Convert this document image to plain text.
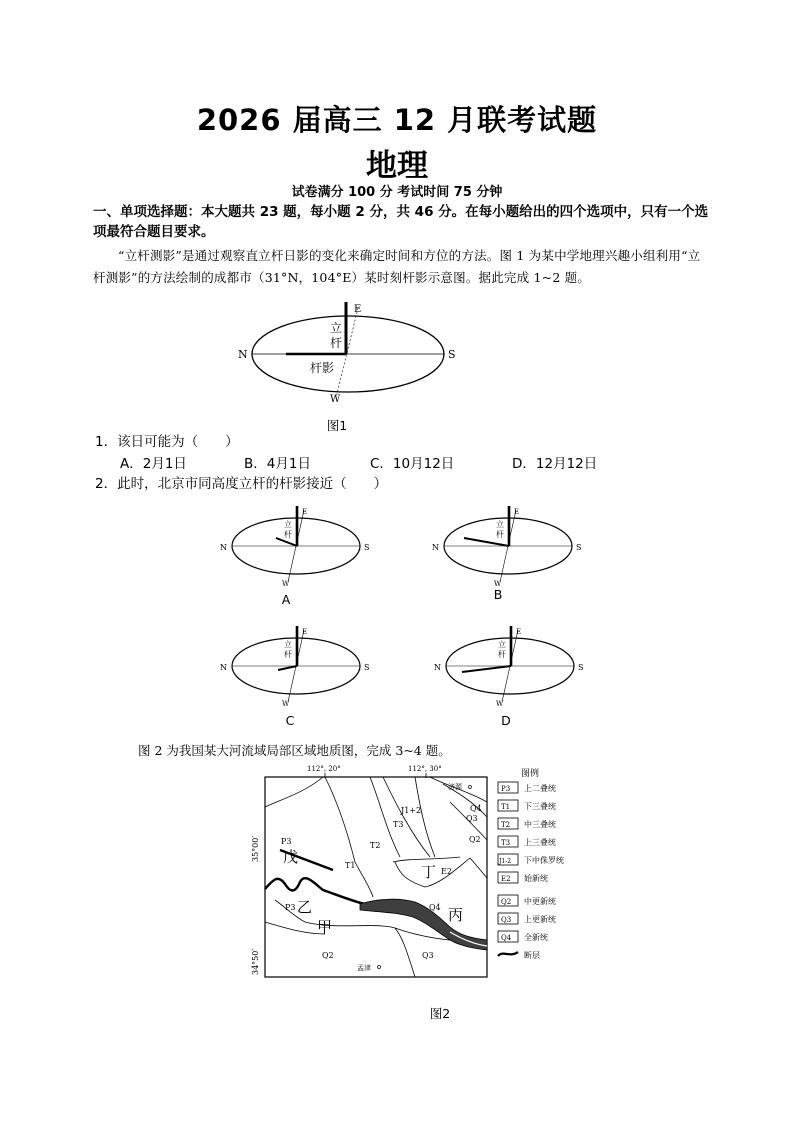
2026 届高三 12 月联考试题
地理
试卷满分 100 分 考试时间 75 分钟
一、单项选择题：本大题共 23 题，每小题 2 分，共 46 分。在每小题给出的四个选项中，只有一个选项最符合题目要求。
“立杆测影”是通过观察直立杆日影的变化来确定时间和方位的方法。图 1 为某中学地理兴趣小组利用“立杆测影”的方法绘制的成都市（31°N，104°E）某时刻杆影示意图。据此完成 1~2 题。
N	S
E
W
立
杆
杆影
图1
1．该日可能为（　　）
A．2月1日	B．4月1日	C．10月12日	D．12月12日
2．此时，北京市同高度立杆的杆影接近（　　）
N	S
E
W
立
杆
A
N	S
E
W
立
杆
B
N	S
E
W
立
杆
C
N	S
E
W
立
杆
D
图 2 为我国某大河流域局部区域地质图，完成 3~4 题。
112°, 20°	112°, 30°
35°00′
34°50′
P3
T1
T2
T3
J1+2
E2
Q4
Q3
Q2
P3	Q4
Q2	Q3
戊
乙
甲
丁
丙
济源
孟津
图例
P3 上二叠统
T1 下三叠统
T2 中三叠统
T3 上三叠统
J1-2 下中侏罗统
E2 始新统
Q2 中更新统
Q3 上更新统
Q4 全新统
断层
图2
